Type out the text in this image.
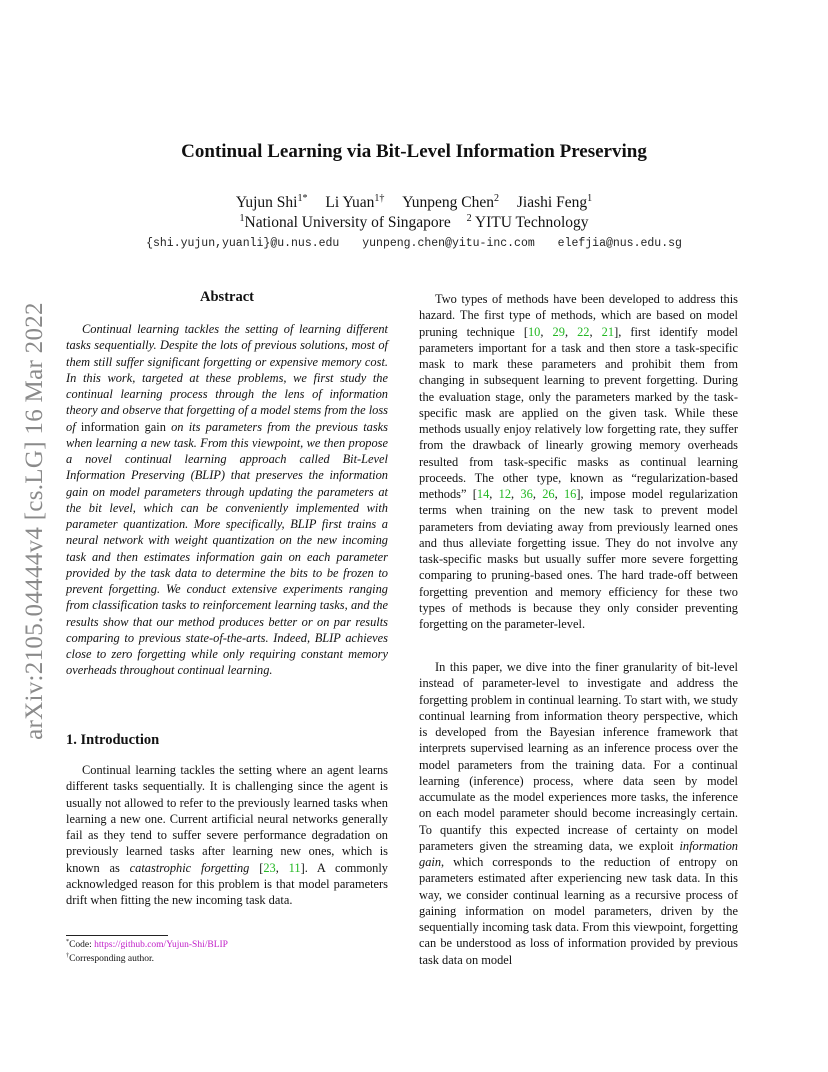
arXiv:2105.04444v4 [cs.LG] 16 Mar 2022
Continual Learning via Bit-Level Information Preserving
Yujun Shi$^{1*}$ Li Yuan$^{1\dagger}$ Yunpeng Chen$^2$ Jiashi Feng$^1$
$^1$National University of Singapore $^2$ YITU Technology
{shi.yujun,yuanli}@u.nus.edu yunpeng.chen@yitu-inc.com elefjia@nus.edu.sg
Abstract

Continual learning tackles the setting of learning different tasks sequentially. Despite the lots of previous solutions, most of them still suffer significant forgetting or expensive memory cost. In this work, targeted at these problems, we first study the continual learning process through the lens of information theory and observe that forgetting of a model stems from the loss of information gain on its parameters from the previous tasks when learning a new task. From this viewpoint, we then propose a novel continual learning approach called Bit-Level Information Preserving (BLIP) that preserves the information gain on model parameters through updating the parameters at the bit level, which can be conveniently implemented with parameter quantization. More specifically, BLIP first trains a neural network with weight quantization on the new incoming task and then estimates information gain on each parameter provided by the task data to determine the bits to be frozen to prevent forgetting. We conduct extensive experiments ranging from classification tasks to reinforcement learning tasks, and the results show that our method produces better or on par results comparing to previous state-of-the-arts. Indeed, BLIP achieves close to zero forgetting while only requiring constant memory overheads throughout continual learning.

1. Introduction

Continual learning tackles the setting where an agent learns different tasks sequentially. It is challenging since the agent is usually not allowed to refer to the previously learned tasks when learning a new one. Current artificial neural networks generally fail as they tend to suffer severe performance degradation on previously learned tasks after learning new ones, which is known as catastrophic forgetting [23, 11]. A commonly acknowledged reason for this problem is that model parameters drift when fitting the new incoming task data.

Two types of methods have been developed to address this hazard. The first type of methods, which are based on model pruning technique [10, 29, 22, 21], first identify model parameters important for a task and then store a task-specific mask to mark these parameters and prohibit them from changing in subsequent learning to prevent forgetting. During the evaluation stage, only the parameters marked by the task-specific mask are applied on the given task. While these methods usually enjoy relatively low forgetting rate, they suffer from the drawback of linearly growing memory overheads resulted from task-specific masks as continual learning proceeds. The other type, known as “regularization-based methods” [14, 12, 36, 26, 16], impose model regularization terms when training on the new task to prevent model parameters from deviating away from previously learned ones and thus alleviate forgetting issue. They do not involve any task-specific masks but usually suffer more severe forgetting comparing to pruning-based ones. The hard trade-off between forgetting prevention and memory efficiency for these two types of methods is because they only consider preventing forgetting on the parameter-level.

In this paper, we dive into the finer granularity of bit-level instead of parameter-level to investigate and address the forgetting problem in continual learning. To start with, we study continual learning from information theory perspective, which is developed from the Bayesian inference framework that interprets supervised learning as an inference process over the model parameters from the training data. For a continual learning (inference) process, where data seen by model accumulate as the model experiences more tasks, the inference on each model parameter should become increasingly certain. To quantify this expected increase of certainty on model parameters given the streaming data, we exploit information gain, which corresponds to the reduction of entropy on parameters estimated after experiencing new task data. In this way, we consider continual learning as a recursive process of gaining information on model parameters, driven by the sequentially incoming task data. From this viewpoint, forgetting can be understood as loss of information provided by previous task data on model

*Code: https://github.com/Yujun-Shi/BLIP
†Corresponding author.
